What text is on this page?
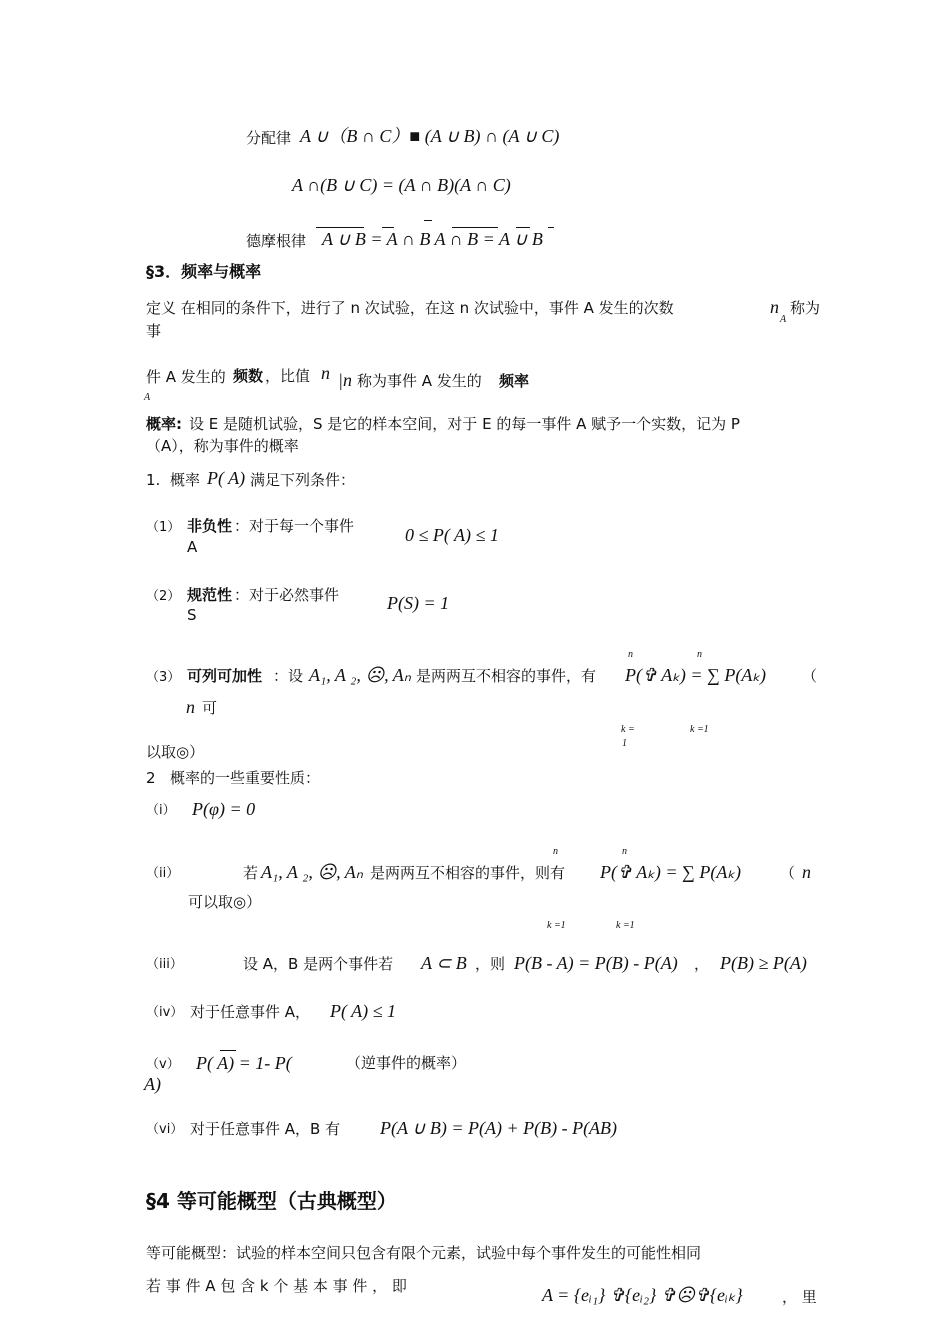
分配律 A ∪（B ∩ C）■ (A ∪ B) ∩ (A ∪ C)
A ∩(B ∪ C) = (A ∩ B)(A ∩ C)
德摩根律 A ∪ B = A ∩ B A ∩ B = A ∪ B
§3．频率与概率
定义 在相同的条件下，进行了 n 次试验，在这 n 次试验中，事件 A 发生的次数	n
A
称为
事
件 A 发生的 频数 ，比值 n
A
|n 称为事件 A 发生的 频率
概率: 设 E 是随机试验，S 是它的样本空间，对于 E 的每一事件 A 赋予一个实数，记为 P
（A），称为事件的概率
1. 概率 P( A) 满足下列条件：
（1） 非负性 ：对于每一个事件
A
0 ≤ P( A) ≤ 1
（2） 规范性 ：对于必然事件
S
P(S) = 1
n	n
（3） 可列可加性 ：设 A₁, A ₂, ☹, Aₙ 是两两互不相容的事件，有 P(✞ Aₖ) = ∑ P(Aₖ) （
n 可
k =
1
k =1
以取◎）
2 概率的一些重要性质：
（i） P(φ) = 0
n	n
（ii）	若 A₁, A ₂, ☹, Aₙ 是两两互不相容的事件，则有 P(✞ Aₖ) = ∑ P(Aₖ)	（ n
可以取◎）
k =1	k =1
（iii）	设 A，B 是两个事件若 A ⊂ B ，则 P(B - A) = P(B) - P(A) ， P(B) ≥ P(A)
（iv） 对于任意事件 A， P( A) ≤ 1
（v） P( A) = 1- P(
A)
（逆事件的概率）
（vi） 对于任意事件 A，B 有 P(A ∪ B) = P(A) + P(B) - P(AB)
§4 等可能概型（古典概型）
等可能概型：试验的样本空间只包含有限个元素，试验中每个事件发生的可能性相同
若 事 件 A 包 含 k 个 基 本 事 件 ， 即	A = {eᵢ₁} ✞{eᵢ₂} ✞☹✞{eᵢₖ}	， 里
